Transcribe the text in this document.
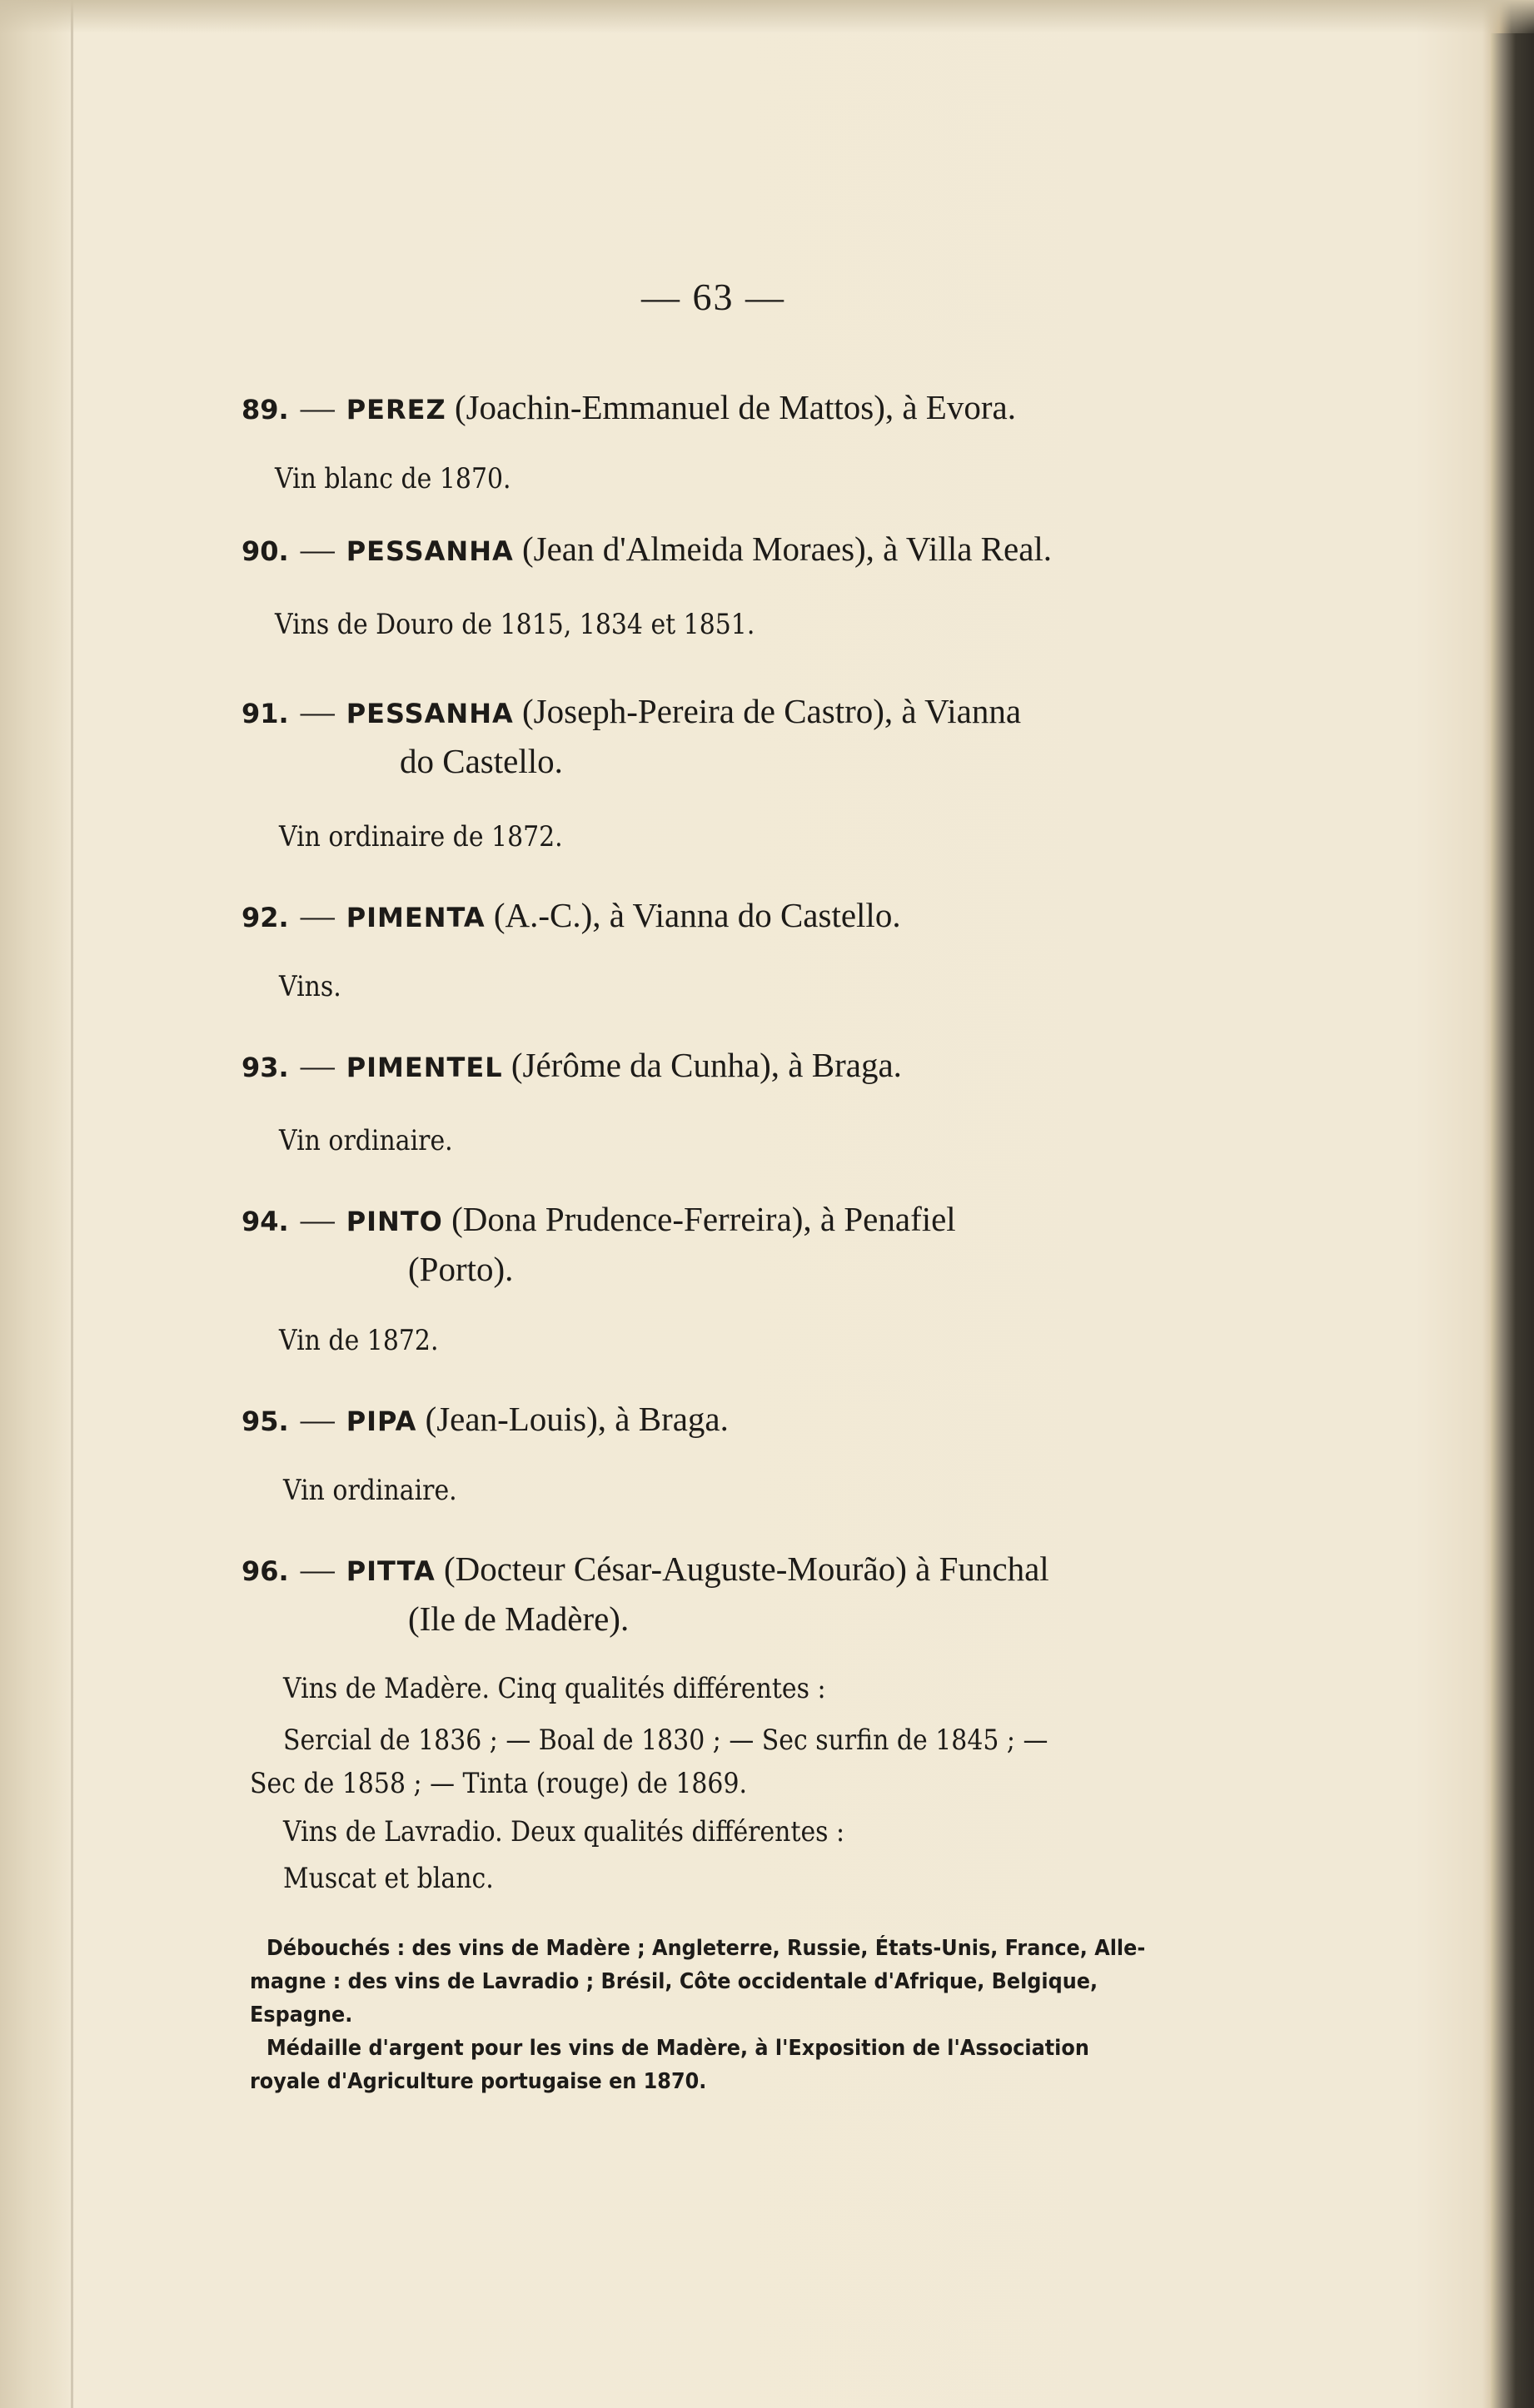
— 63 —
89. — PEREZ (Joachin-Emmanuel de Mattos), à Evora.
Vin blanc de 1870.
90. — PESSANHA (Jean d'Almeida Moraes), à Villa Real.
Vins de Douro de 1815, 1834 et 1851.
91. — PESSANHA (Joseph-Pereira de Castro), à Vianna
do Castello.
Vin ordinaire de 1872.
92. — PIMENTA (A.-C.), à Vianna do Castello.
Vins.
93. — PIMENTEL (Jérôme da Cunha), à Braga.
Vin ordinaire.
94. — PINTO (Dona Prudence-Ferreira), à Penafiel
(Porto).
Vin de 1872.
95. — PIPA (Jean-Louis), à Braga.
Vin ordinaire.
96. — PITTA (Docteur César-Auguste-Mourão) à Funchal
(Ile de Madère).
Vins de Madère. Cinq qualités différentes :
Sercial de 1836 ; — Boal de 1830 ; — Sec surfin de 1845 ; —
Sec de 1858 ; — Tinta (rouge) de 1869.
Vins de Lavradio. Deux qualités différentes :
Muscat et blanc.
Débouchés : des vins de Madère ; Angleterre, Russie, États-Unis, France, Alle-
magne : des vins de Lavradio ; Brésil, Côte occidentale d'Afrique, Belgique,
Espagne.
Médaille d'argent pour les vins de Madère, à l'Exposition de l'Association
royale d'Agriculture portugaise en 1870.
